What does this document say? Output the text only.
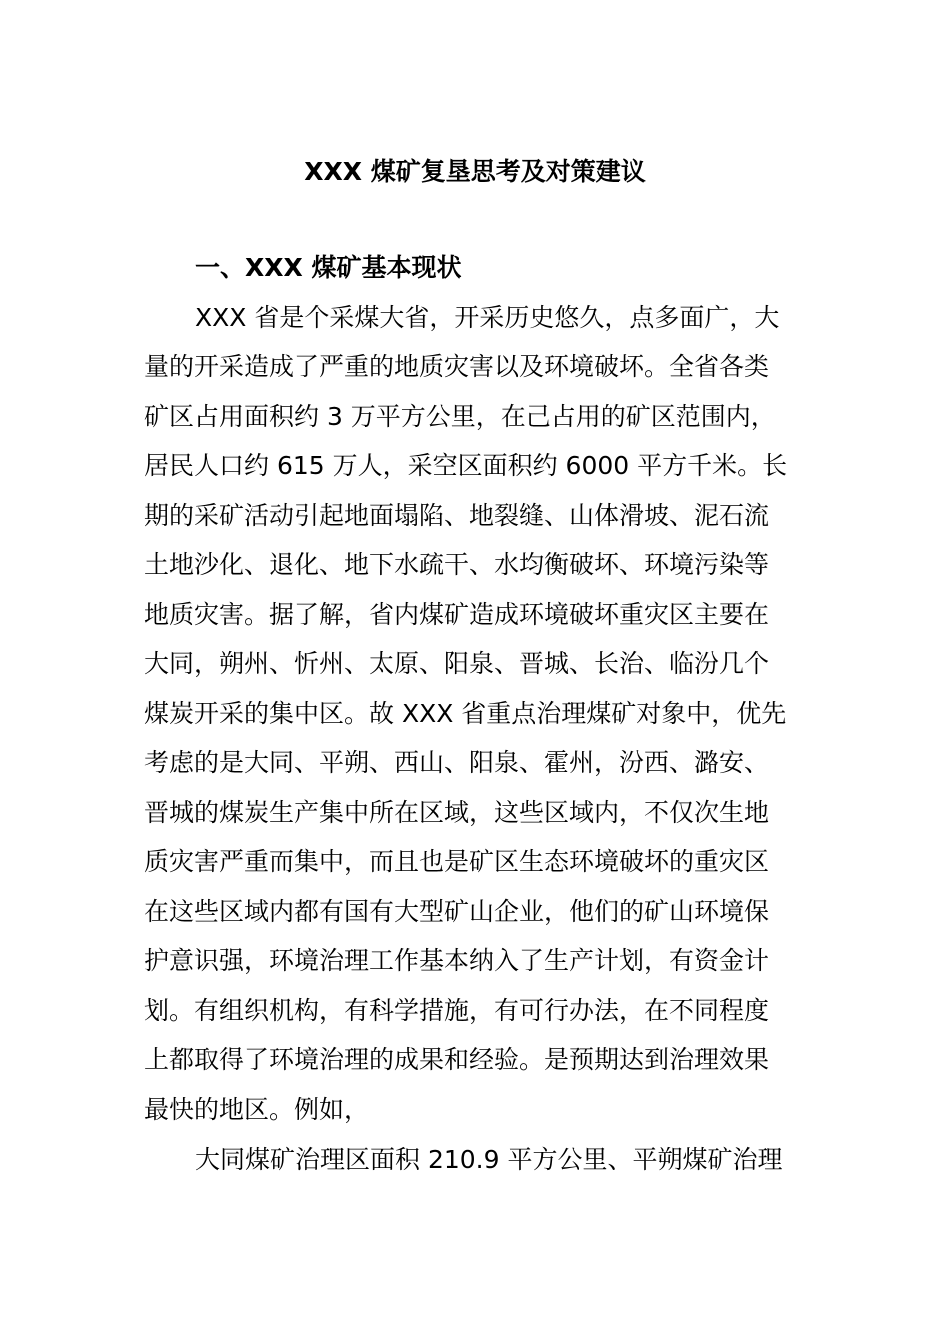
XXX 煤矿复垦思考及对策建议
一、XXX 煤矿基本现状
XXX 省是个采煤大省，开采历史悠久，点多面广，大
量的开采造成了严重的地质灾害以及环境破坏。全省各类
矿区占用面积约 3 万平方公里，在己占用的矿区范围内，
居民人口约 615 万人，采空区面积约 6000 平方千米。长
期的采矿活动引起地面塌陷、地裂缝、山体滑坡、泥石流
土地沙化、退化、地下水疏干、水均衡破坏、环境污染等
地质灾害。据了解，省内煤矿造成环境破坏重灾区主要在
大同，朔州、忻州、太原、阳泉、晋城、长治、临汾几个
煤炭开采的集中区。故 XXX 省重点治理煤矿对象中，优先
考虑的是大同、平朔、西山、阳泉、霍州，汾西、潞安、
晋城的煤炭生产集中所在区域，这些区域内，不仅次生地
质灾害严重而集中，而且也是矿区生态环境破坏的重灾区
在这些区域内都有国有大型矿山企业，他们的矿山环境保
护意识强，环境治理工作基本纳入了生产计划，有资金计
划。有组织机构，有科学措施，有可行办法，在不同程度
上都取得了环境治理的成果和经验。是预期达到治理效果
最快的地区。例如，
大同煤矿治理区面积 210.9 平方公里、平朔煤矿治理
